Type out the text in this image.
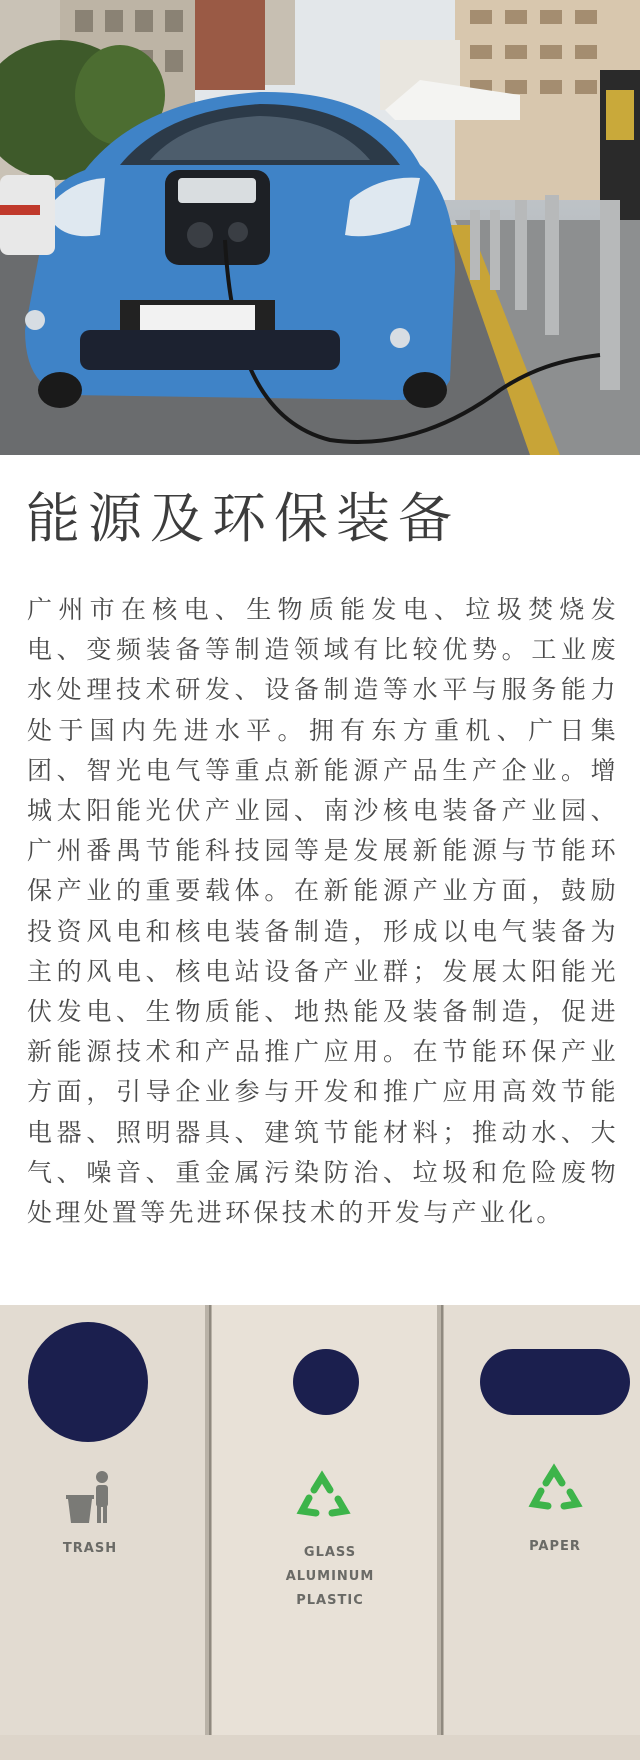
能源及环保装备

广州市在核电、生物质能发电、垃圾焚烧发电、变频装备等制造领域有比较优势。工业废水处理技术研发、设备制造等水平与服务能力处于国内先进水平。拥有东方重机、广日集团、智光电气等重点新能源产品生产企业。增城太阳能光伏产业园、南沙核电装备产业园、广州番禺节能科技园等是发展新能源与节能环保产业的重要载体。在新能源产业方面，鼓励投资风电和核电装备制造，形成以电气装备为主的风电、核电站设备产业群；发展太阳能光伏发电、生物质能、地热能及装备制造，促进新能源技术和产品推广应用。在节能环保产业方面，引导企业参与开发和推广应用高效节能电器、照明器具、建筑节能材料；推动水、大气、噪音、重金属污染防治、垃圾和危险废物处理处置等先进环保技术的开发与产业化。

TRASH	GLASS
ALUMINUM
PLASTIC
PAPER
